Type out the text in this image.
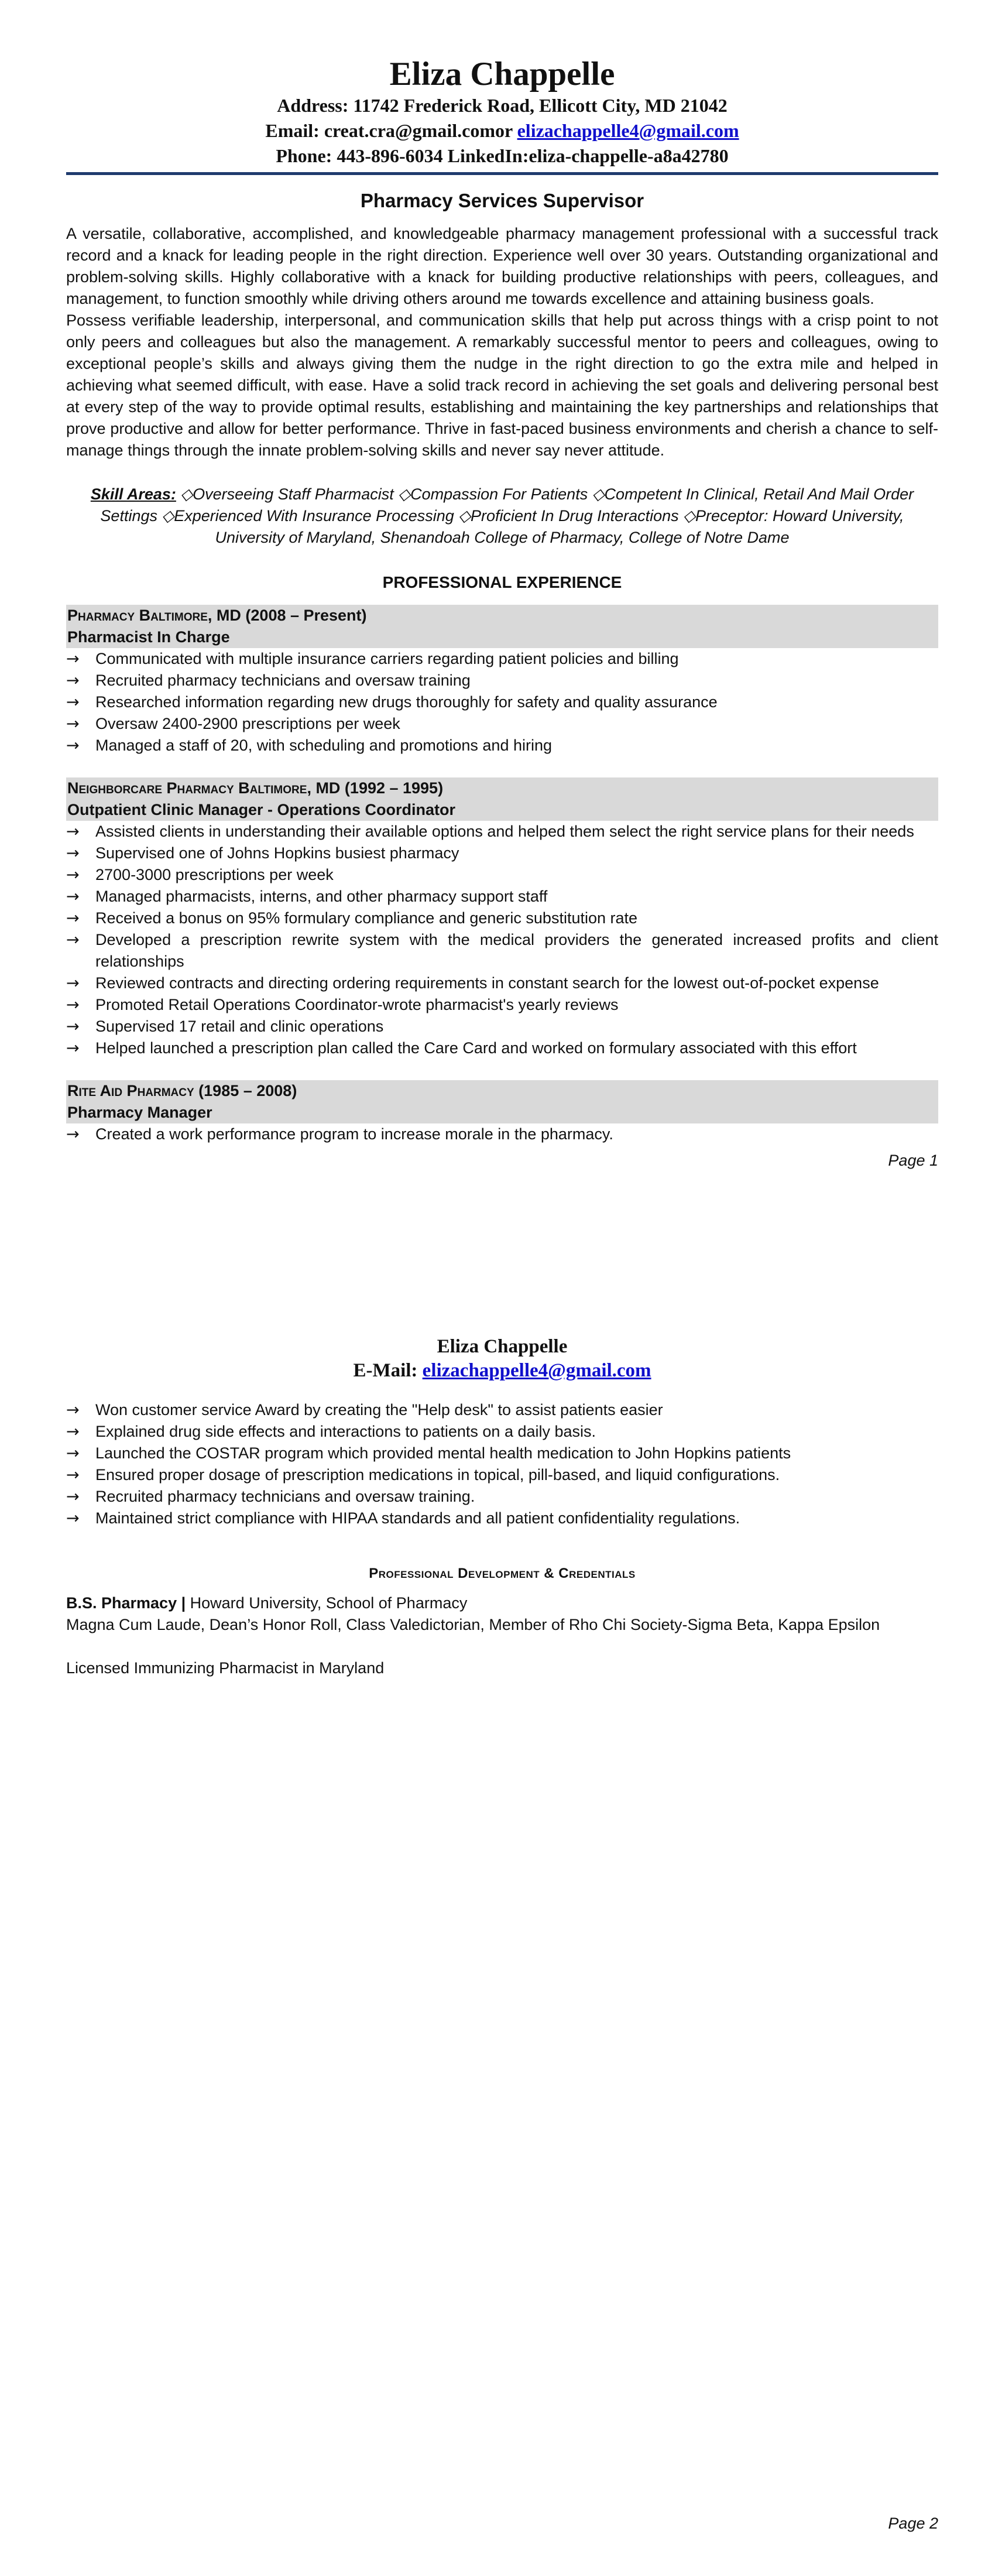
Eliza Chappelle
Address: 11742 Frederick Road, Ellicott City, MD 21042
Email: creat.cra@gmail.comor elizachappelle4@gmail.com
Phone: 443-896-6034 LinkedIn:eliza-chappelle-a8a42780
Pharmacy Services Supervisor

A versatile, collaborative, accomplished, and knowledgeable pharmacy management professional with a successful track record and a knack for leading people in the right direction. Experience well over 30 years. Outstanding organizational and problem-solving skills. Highly collaborative with a knack for building productive relationships with peers, colleagues, and management, to function smoothly while driving others around me towards excellence and attaining business goals.

Possess verifiable leadership, interpersonal, and communication skills that help put across things with a crisp point to not only peers and colleagues but also the management. A remarkably successful mentor to peers and colleagues, owing to exceptional people’s skills and always giving them the nudge in the right direction to go the extra mile and helped in achieving what seemed difficult, with ease. Have a solid track record in achieving the set goals and delivering personal best at every step of the way to provide optimal results, establishing and maintaining the key partnerships and relationships that prove productive and allow for better performance. Thrive in fast-paced business environments and cherish a chance to self-manage things through the innate problem-solving skills and never say never attitude.

Skill Areas: ◇Overseeing Staff Pharmacist ◇Compassion For Patients ◇Competent In Clinical, Retail And Mail Order Settings ◇Experienced With Insurance Processing ◇Proficient In Drug Interactions ◇Preceptor: Howard University, University of Maryland, Shenandoah College of Pharmacy, College of Notre Dame
PROFESSIONAL EXPERIENCE
Pharmacy Baltimore, MD (2008 – Present)
Pharmacist In Charge
→ Communicated with multiple insurance carriers regarding patient policies and billing
→ Recruited pharmacy technicians and oversaw training
→ Researched information regarding new drugs thoroughly for safety and quality assurance
→ Oversaw 2400-2900 prescriptions per week
→ Managed a staff of 20, with scheduling and promotions and hiring
Neighborcare Pharmacy Baltimore, MD (1992 – 1995)
Outpatient Clinic Manager - Operations Coordinator
→ Assisted clients in understanding their available options and helped them select the right service plans for their needs
→ Supervised one of Johns Hopkins busiest pharmacy
→ 2700-3000 prescriptions per week
→ Managed pharmacists, interns, and other pharmacy support staff
→ Received a bonus on 95% formulary compliance and generic substitution rate
→ Developed a prescription rewrite system with the medical providers the generated increased profits and client relationships
→ Reviewed contracts and directing ordering requirements in constant search for the lowest out-of-pocket expense
→ Promoted Retail Operations Coordinator-wrote pharmacist's yearly reviews
→ Supervised 17 retail and clinic operations
→ Helped launched a prescription plan called the Care Card and worked on formulary associated with this effort
Rite Aid Pharmacy (1985 – 2008)
Pharmacy Manager
→ Created a work performance program to increase morale in the pharmacy.
Page 1
Eliza Chappelle
E-Mail: elizachappelle4@gmail.com
→ Won customer service Award by creating the "Help desk" to assist patients easier
→ Explained drug side effects and interactions to patients on a daily basis.
→ Launched the COSTAR program which provided mental health medication to John Hopkins patients
→ Ensured proper dosage of prescription medications in topical, pill-based, and liquid configurations.
→ Recruited pharmacy technicians and oversaw training.
→ Maintained strict compliance with HIPAA standards and all patient confidentiality regulations.
Professional Development & Credentials
B.S. Pharmacy | Howard University, School of Pharmacy
Magna Cum Laude, Dean’s Honor Roll, Class Valedictorian, Member of Rho Chi Society-Sigma Beta, Kappa Epsilon
Licensed Immunizing Pharmacist in Maryland
Page 2
